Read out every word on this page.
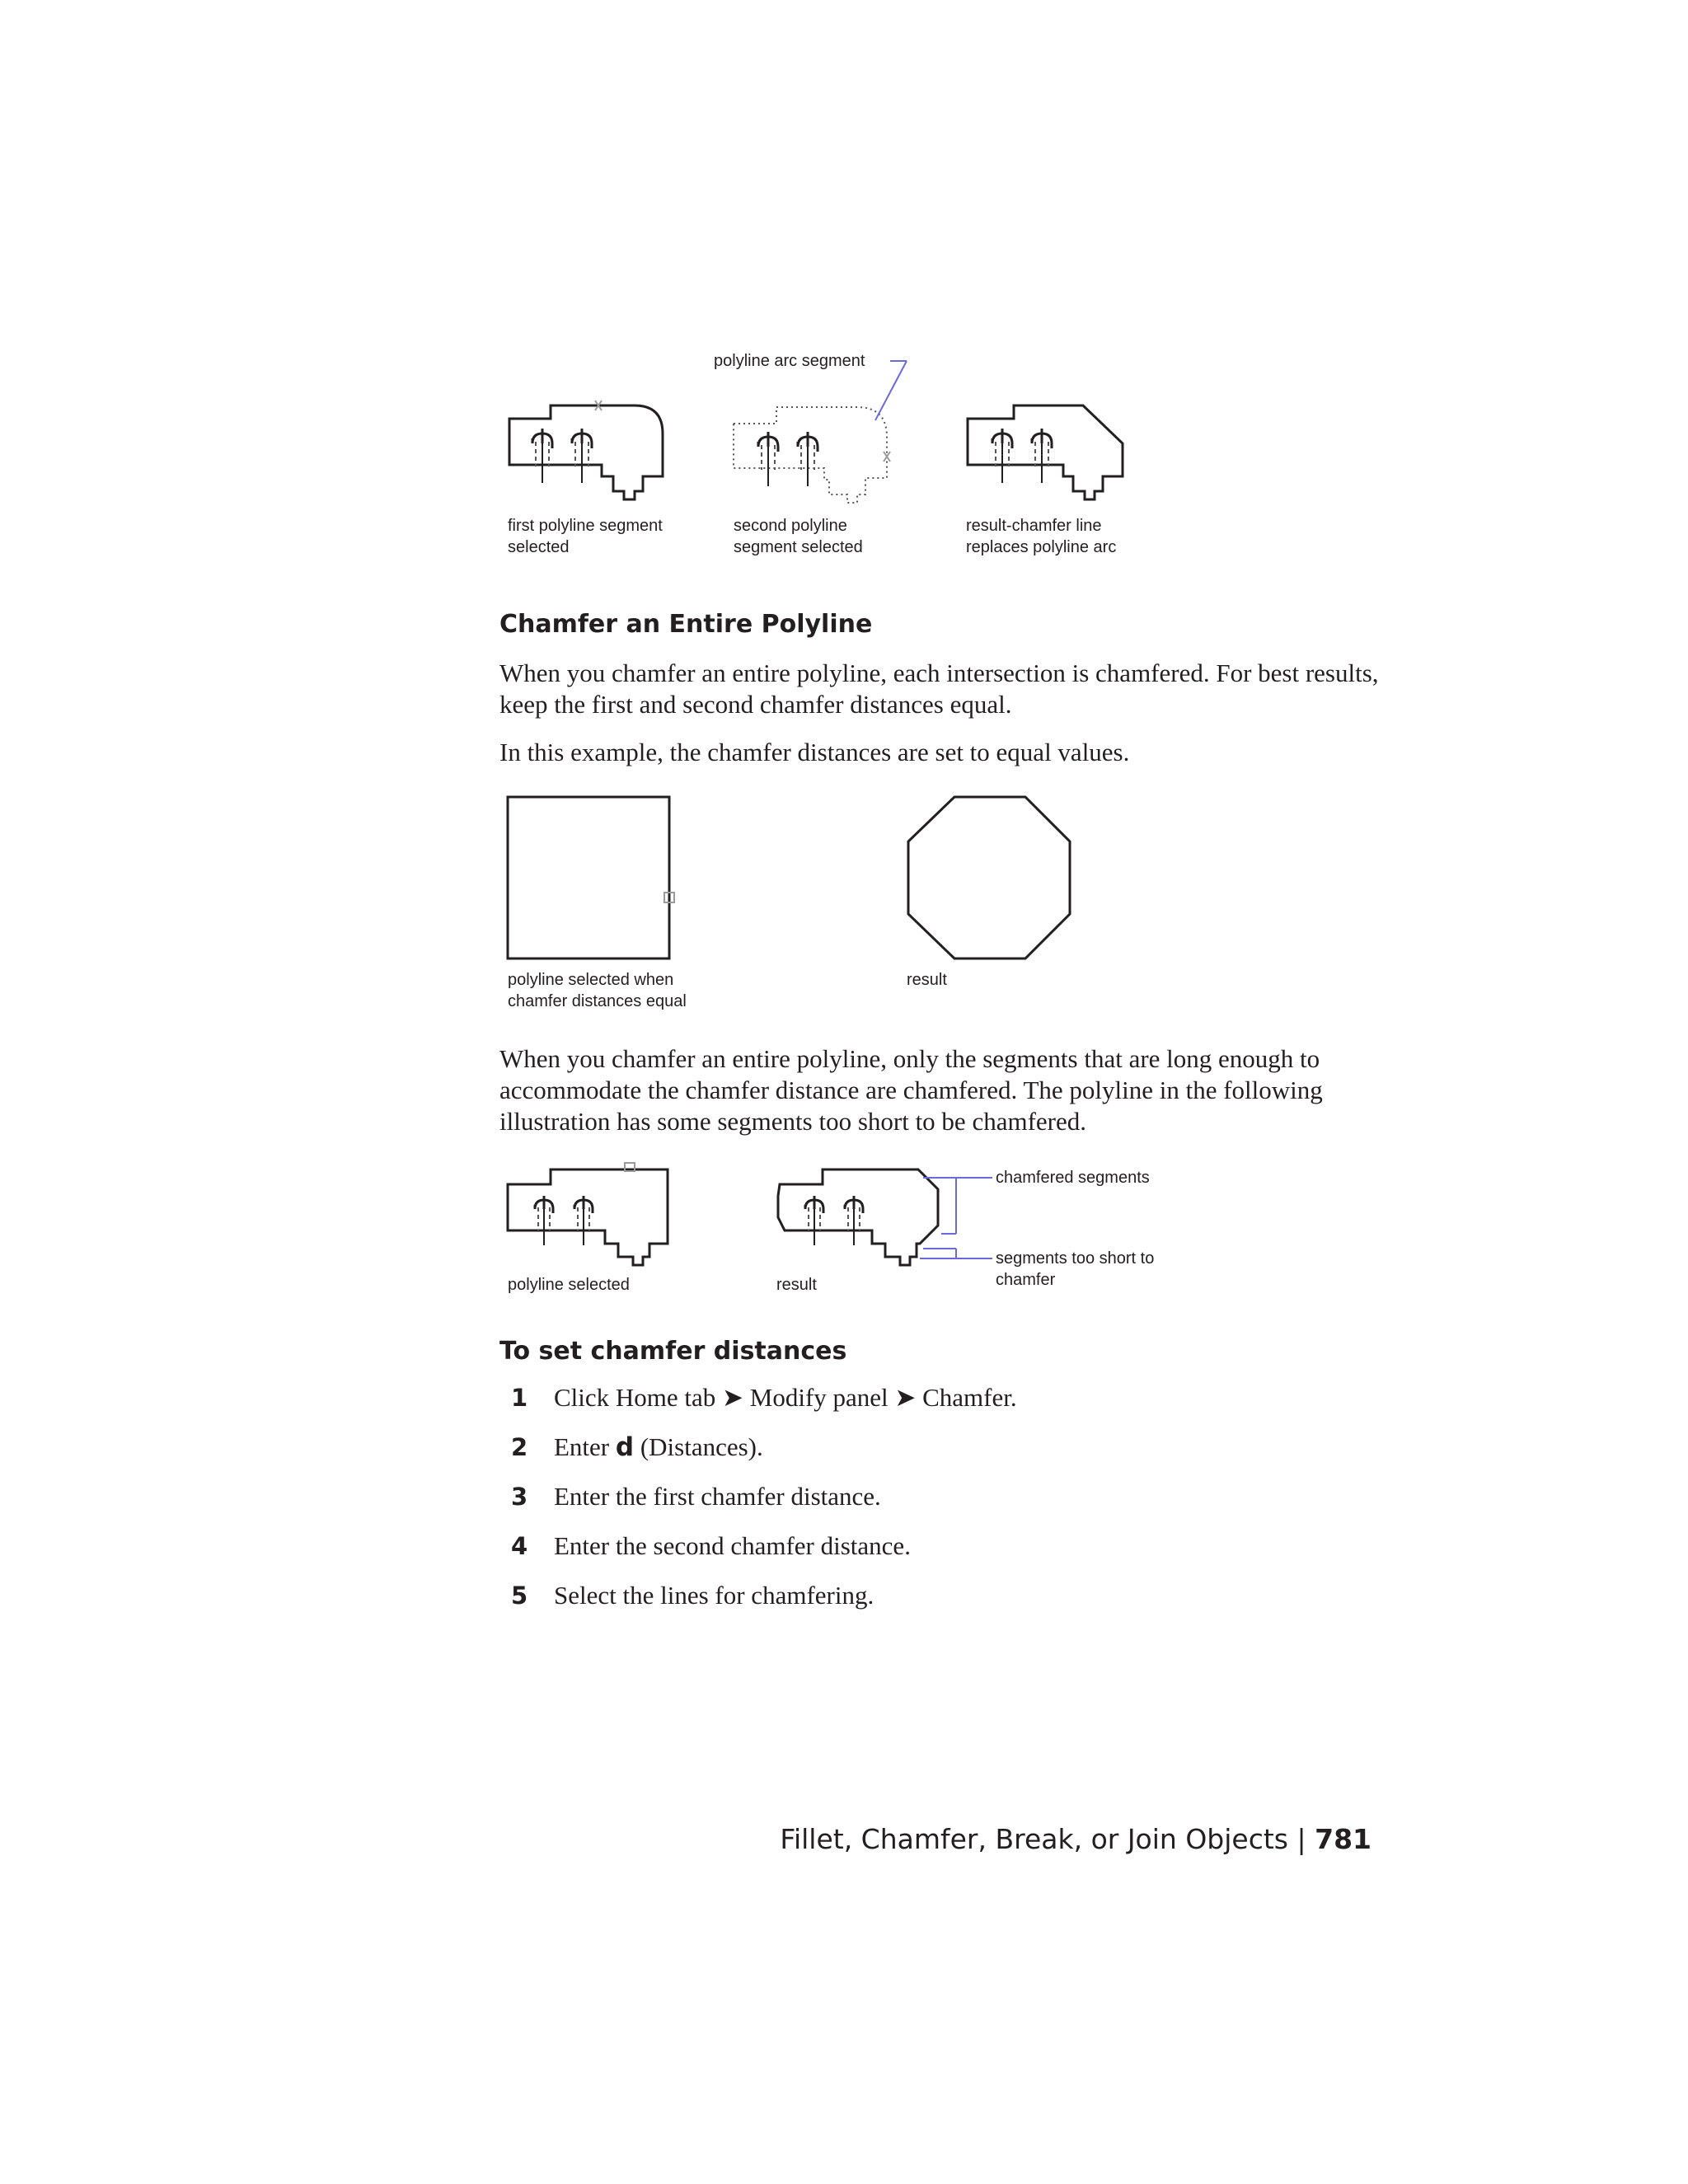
polyline arc segment
first polyline segment
selected
second polyline
segment selected
result-chamfer line
replaces polyline arc
Chamfer an Entire Polyline

When you chamfer an entire polyline, each intersection is chamfered. For best results, keep the first and second chamfer distances equal.

In this example, the chamfer distances are set to equal values.

polyline selected when
chamfer distances equal
result

When you chamfer an entire polyline, only the segments that are long enough to accommodate the chamfer distance are chamfered. The polyline in the following illustration has some segments too short to be chamfered.

polyline selected	result
chamfered segments
segments too short to
chamfer
To set chamfer distances
1 Click Home tab ➤ Modify panel ➤ Chamfer.
2 Enter d (Distances).
3 Enter the first chamfer distance.
4 Enter the second chamfer distance.
5 Select the lines for chamfering.
Fillet, Chamfer, Break, or Join Objects | 781
